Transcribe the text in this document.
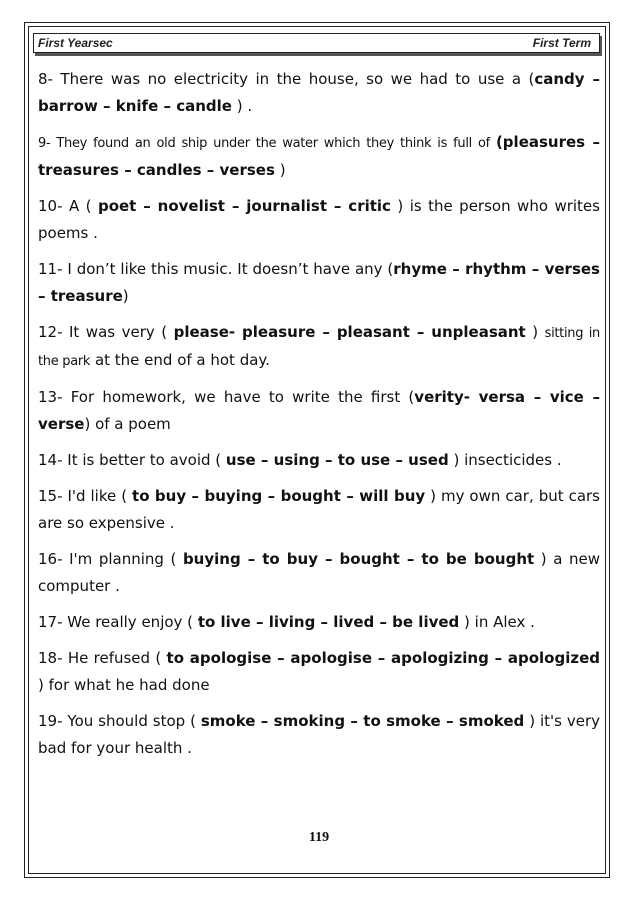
First Yearsec	First Term

8- There was no electricity in the house, so we had to use a (candy – barrow – knife – candle ) .

9- They found an old ship under the water which they think is full of (pleasures – treasures – candles – verses )

10- A ( poet – novelist – journalist – critic ) is the person who writes poems .

11- I don’t like this music. It doesn’t have any (rhyme – rhythm – verses – treasure)

12- It was very ( please- pleasure – pleasant – unpleasant ) sitting in the park at the end of a hot day.

13- For homework, we have to write the first (verity- versa – vice – verse) of a poem

14- It is better to avoid ( use – using – to use – used ) insecticides .

15- I'd like ( to buy – buying – bought – will buy ) my own car, but cars are so expensive .

16- I'm planning ( buying – to buy – bought – to be bought ) a new computer .

17- We really enjoy ( to live – living – lived – be lived ) in Alex .

18- He refused ( to apologise – apologise – apologizing – apologized ) for what he had done

19- You should stop ( smoke – smoking – to smoke – smoked ) it's very bad for your health .

119
